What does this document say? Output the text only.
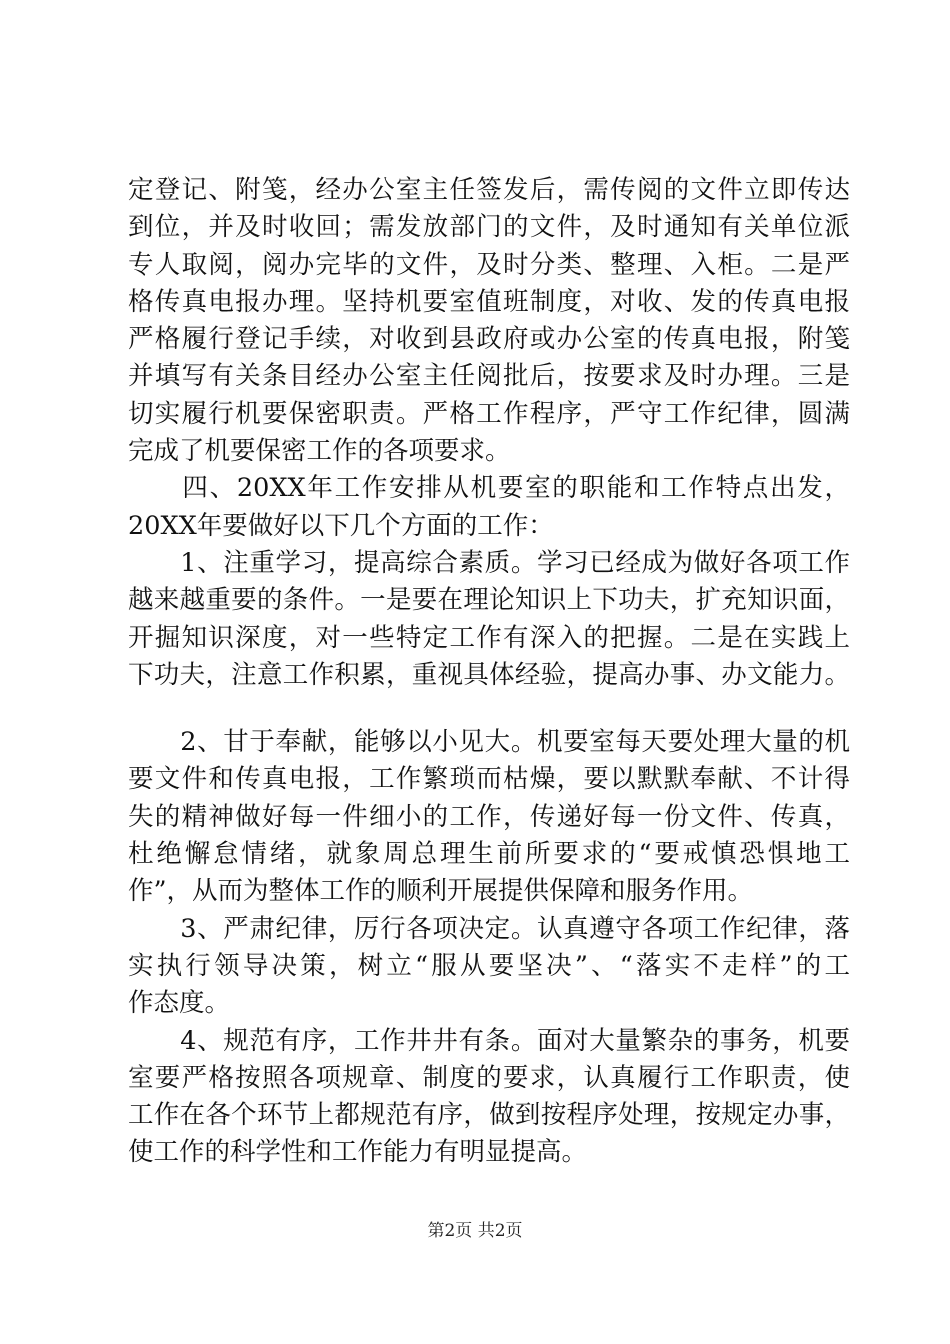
定登记、附笺，经办公室主任签发后，需传阅的文件立即传达
到位，并及时收回；需发放部门的文件，及时通知有关单位派
专人取阅，阅办完毕的文件，及时分类、整理、入柜。二是严
格传真电报办理。坚持机要室值班制度，对收、发的传真电报
严格履行登记手续，对收到县政府或办公室的传真电报，附笺
并填写有关条目经办公室主任阅批后，按要求及时办理。三是
切实履行机要保密职责。严格工作程序，严守工作纪律，圆满
完成了机要保密工作的各项要求。
　　四、20XX年工作安排从机要室的职能和工作特点出发，
20XX年要做好以下几个方面的工作：
　　1、注重学习，提高综合素质。学习已经成为做好各项工作
越来越重要的条件。一是要在理论知识上下功夫，扩充知识面，
开掘知识深度，对一些特定工作有深入的把握。二是在实践上
下功夫，注意工作积累，重视具体经验，提高办事、办文能力。
　　2、甘于奉献，能够以小见大。机要室每天要处理大量的机
要文件和传真电报，工作繁琐而枯燥，要以默默奉献、不计得
失的精神做好每一件细小的工作，传递好每一份文件、传真，
杜绝懈怠情绪，就象周总理生前所要求的“要戒慎恐惧地工
作”，从而为整体工作的顺利开展提供保障和服务作用。
　　3、严肃纪律，厉行各项决定。认真遵守各项工作纪律，落
实执行领导决策，树立“服从要坚决”、“落实不走样”的工
作态度。
　　4、规范有序，工作井井有条。面对大量繁杂的事务，机要
室要严格按照各项规章、制度的要求，认真履行工作职责，使
工作在各个环节上都规范有序，做到按程序处理，按规定办事，
使工作的科学性和工作能力有明显提高。
第2页 共2页
